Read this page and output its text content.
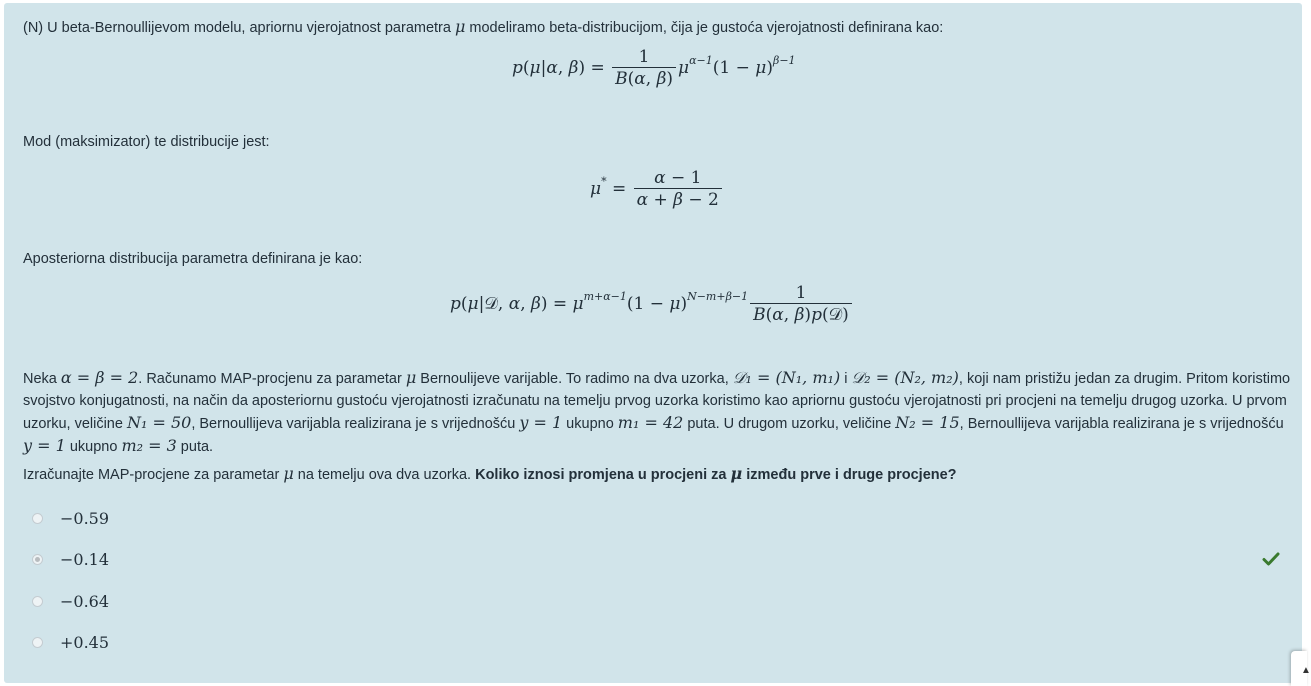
(N) U beta-Bernoullijevom modelu, apriornu vjerojatnost parametra μ modeliramo beta-distribucijom, čija je gustoća vjerojatnosti definirana kao:
p(μ|α, $\beta) = \frac{1}{B(\alpha, \beta)} \mu^{\alpha-1}(1 - \mu)^{\beta-1}$
Mod (maksimizator) te distribucije jest:
$\mu^* = \frac{\alpha - 1}{\alpha + \beta - 2}$
Aposteriorna distribucija parametra definirana je kao:
p(μ|𝒟, α, $\beta) = \mu^{m+\alpha-1}(1 - \mu)^{N-m+\beta-1} \frac{1}{\text{B(α, β)p(𝒟)}}$
Neka α = β = 2. Računamo MAP-procjenu za parametar μ Bernoulijeve varijable. To radimo na dva uzorka, 𝒟₁ = (N₁, m₁) i 𝒟₂ = (N₂, m₂), koji nam pristižu jedan za drugim. Pritom koristimo svojstvo konjugatnosti, na način da aposteriornu gustoću vjerojatnosti izračunatu na temelju prvog uzorka koristimo kao apriornu gustoću vjerojatnosti pri procjeni na temelju drugog uzorka. U prvom uzorku, veličine N₁ = 50, Bernoullijeva varijabla realizirana je s vrijednošću y = 1 ukupno m₁ = 42 puta. U drugom uzorku, veličine N₂ = 15, Bernoullijeva varijabla realizirana je s vrijednošću y = 1 ukupno m₂ = 3 puta.
Izračunajte MAP-procjene za parametar μ na temelju ova dva uzorka. Koliko iznosi promjena u procjeni za μ između prve i druge procjene?
−0.59
−0.14
−0.64
+0.45
▲
